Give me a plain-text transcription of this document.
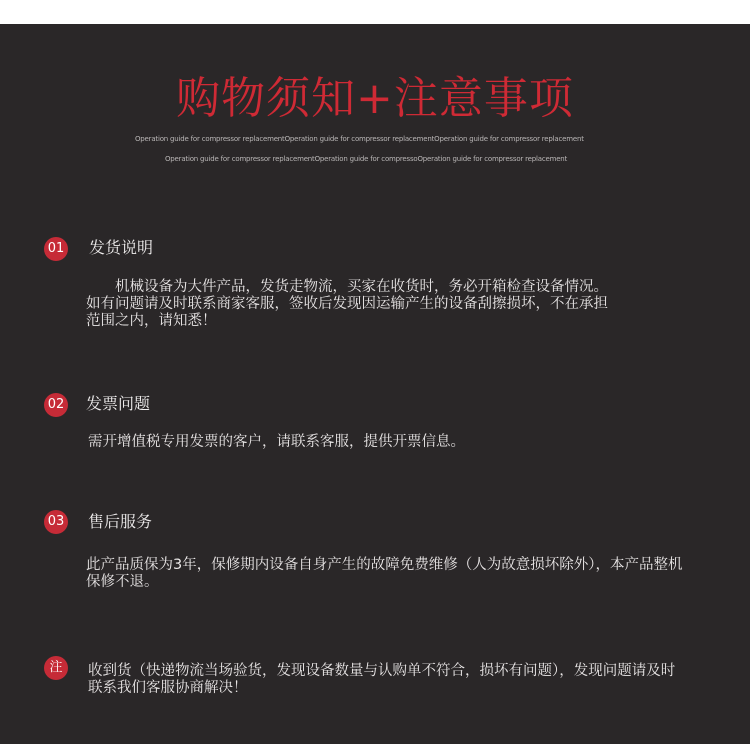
购物须知+注意事项
Operation guide for compressor replacementOperation guide for compressor replacementOperation guide for compressor replacement
Operation guide for compressor replacementOperation guide for compressoOperation guide for compressor replacement
01 发货说明
机械设备为大件产品，发货走物流，买家在收货时，务必开箱检查设备情况。如有问题请及时联系商家客服，签收后发现因运输产生的设备刮擦损坏，不在承担范围之内，请知悉！
02 发票问题
需开增值税专用发票的客户，请联系客服，提供开票信息。
03 售后服务
此产品质保为3年，保修期内设备自身产生的故障免费维修（人为故意损坏除外），本产品整机保修不退。
注	收到货（快递物流当场验货，发现设备数量与认购单不符合，损坏有问题），发现问题请及时联系我们客服协商解决！
